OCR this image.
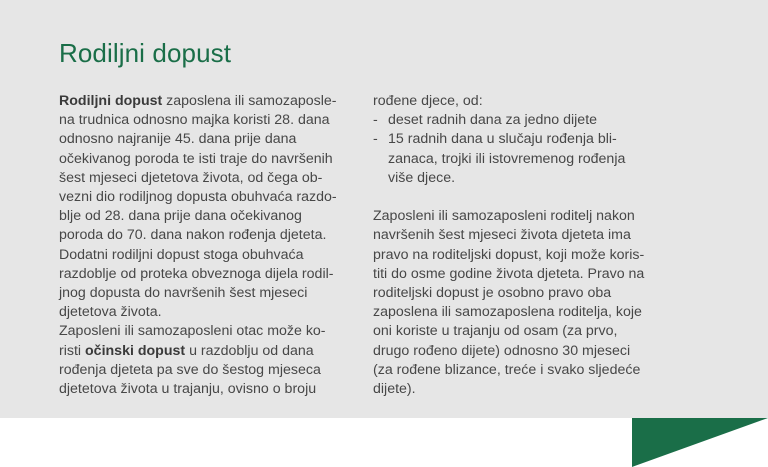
Rodiljni dopust
Rodiljni dopust zaposlena ili samozaposle-
na trudnica odnosno majka koristi 28. dana
odnosno najranije 45. dana prije dana
očekivanog poroda te isti traje do navršenih
šest mjeseci djetetova života, od čega ob-
vezni dio rodiljnog dopusta obuhvaća razdo-
blje od 28. dana prije dana očekivanog
poroda do 70. dana nakon rođenja djeteta.
Dodatni rodiljni dopust stoga obuhvaća
razdoblje od proteka obveznoga dijela rodil-
jnog dopusta do navršenih šest mjeseci
djetetova života.
Zaposleni ili samozaposleni otac može ko-
risti očinski dopust u razdoblju od dana
rođenja djeteta pa sve do šestog mjeseca
djetetova života u trajanju, ovisno o broju
rođene djece, od:
- deset radnih dana za jedno dijete
- 15 radnih dana u slučaju rođenja bli-
zanaca, trojki ili istovremenog rođenja
više djece.
Zaposleni ili samozaposleni roditelj nakon
navršenih šest mjeseci života djeteta ima
pravo na roditeljski dopust, koji može koris-
titi do osme godine života djeteta. Pravo na
roditeljski dopust je osobno pravo oba
zaposlena ili samozaposlena roditelja, koje
oni koriste u trajanju od osam (za prvo,
drugo rođeno dijete) odnosno 30 mjeseci
(za rođene blizance, treće i svako sljedeće
dijete).
